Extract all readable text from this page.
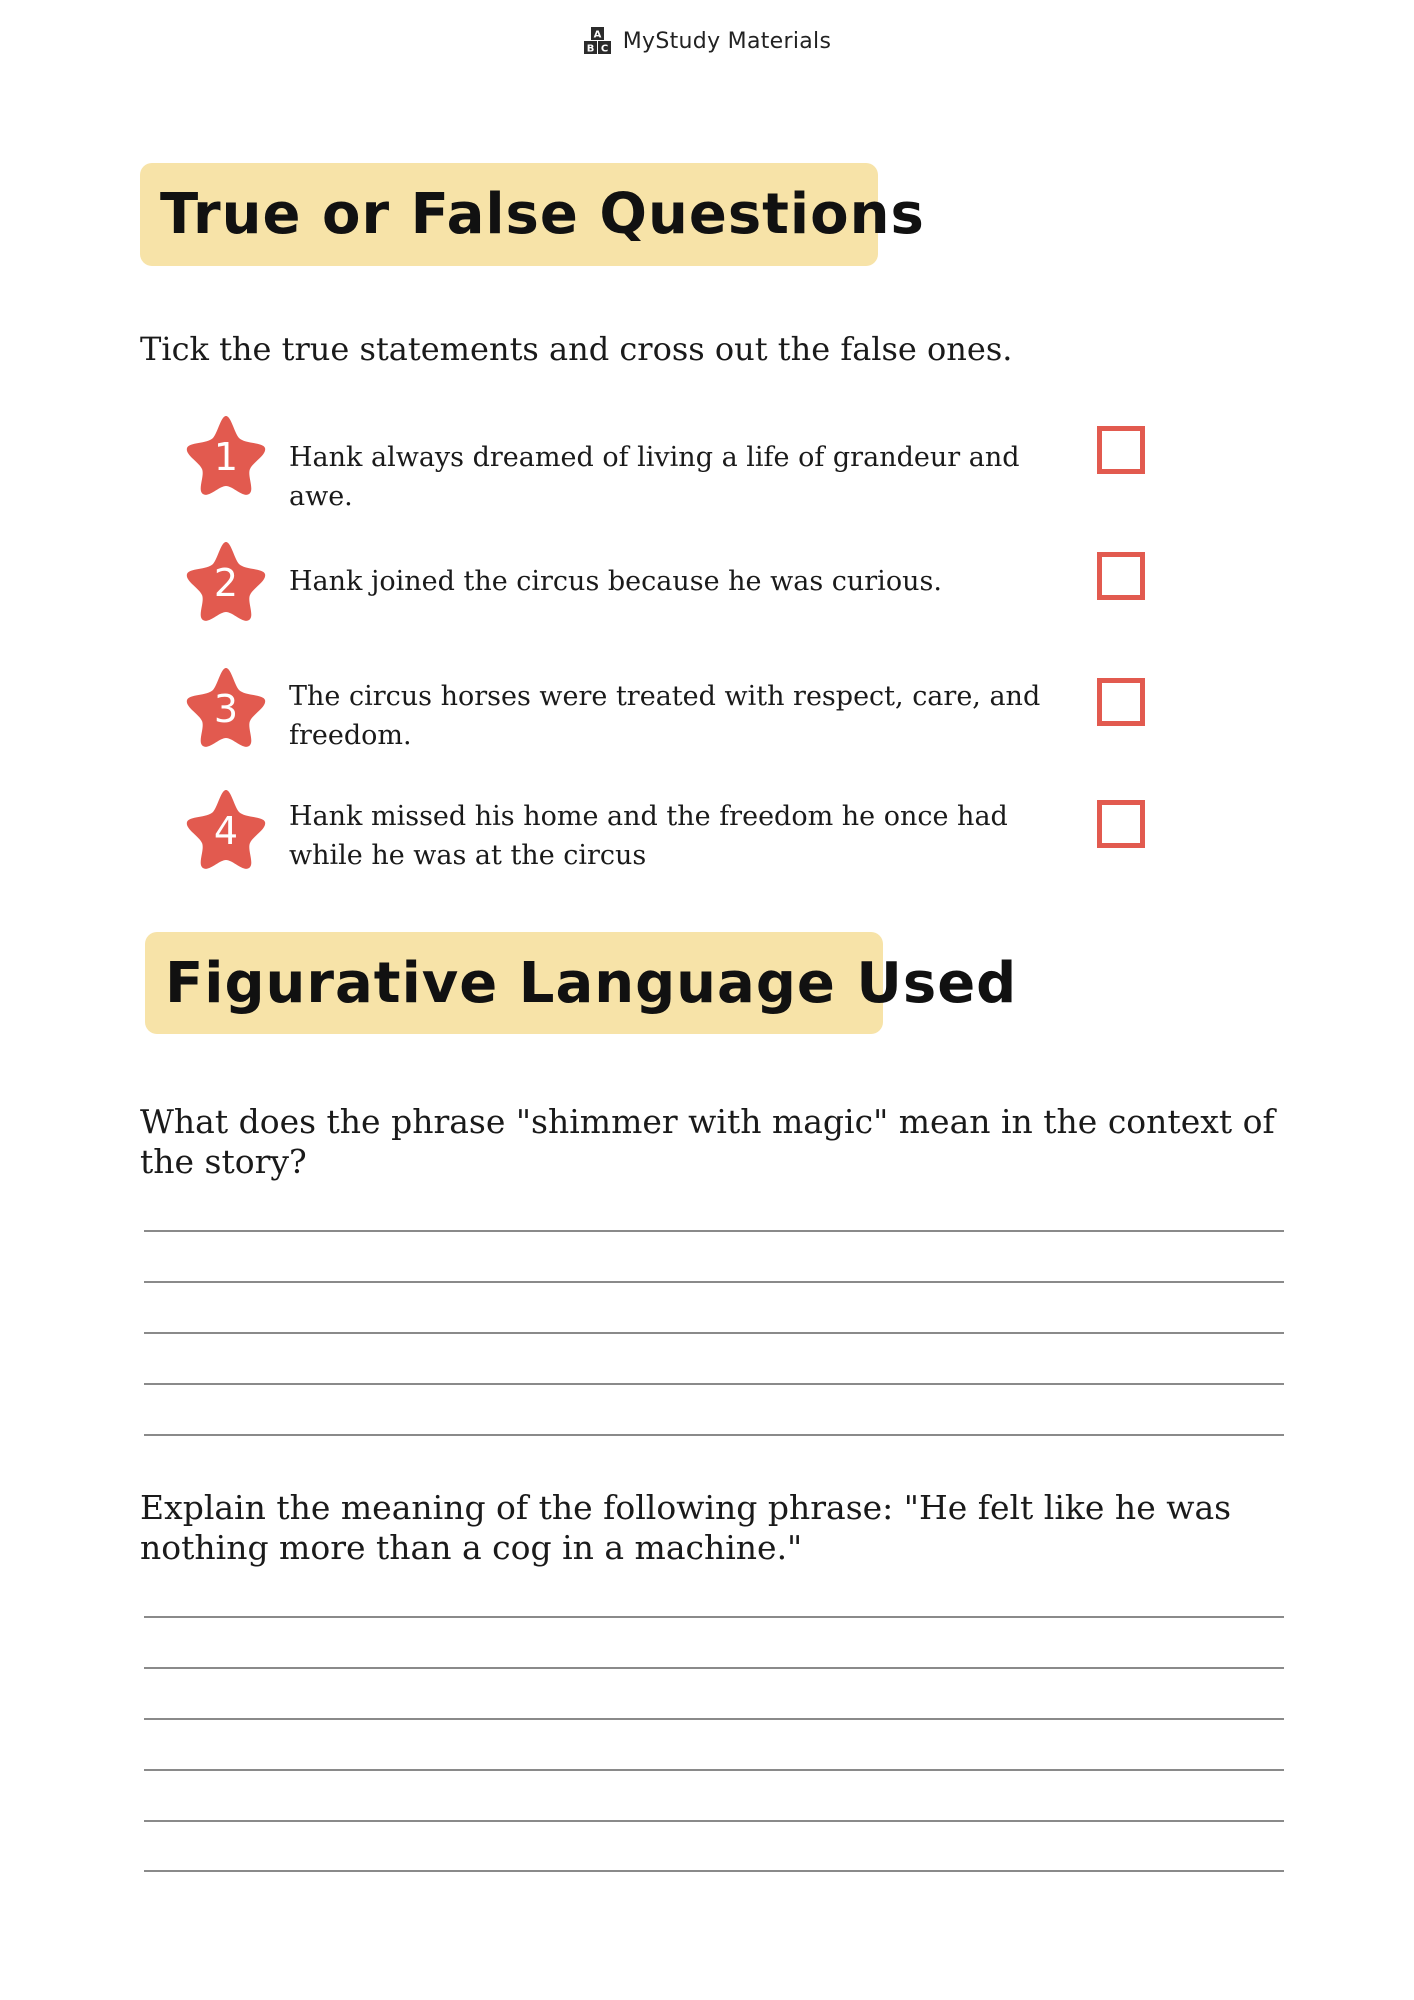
A
B C MyStudy Materials
True or False Questions
Tick the true statements and cross out the false ones.
1 Hank always dreamed of living a life of grandeur and awe.
2 Hank joined the circus because he was curious.
3 The circus horses were treated with respect, care, and freedom.
4 Hank missed his home and the freedom he once had while he was at the circus
Figurative Language Used
What does the phrase "shimmer with magic" mean in the context of the story?
Explain the meaning of the following phrase: "He felt like he was nothing more than a cog in a machine."
